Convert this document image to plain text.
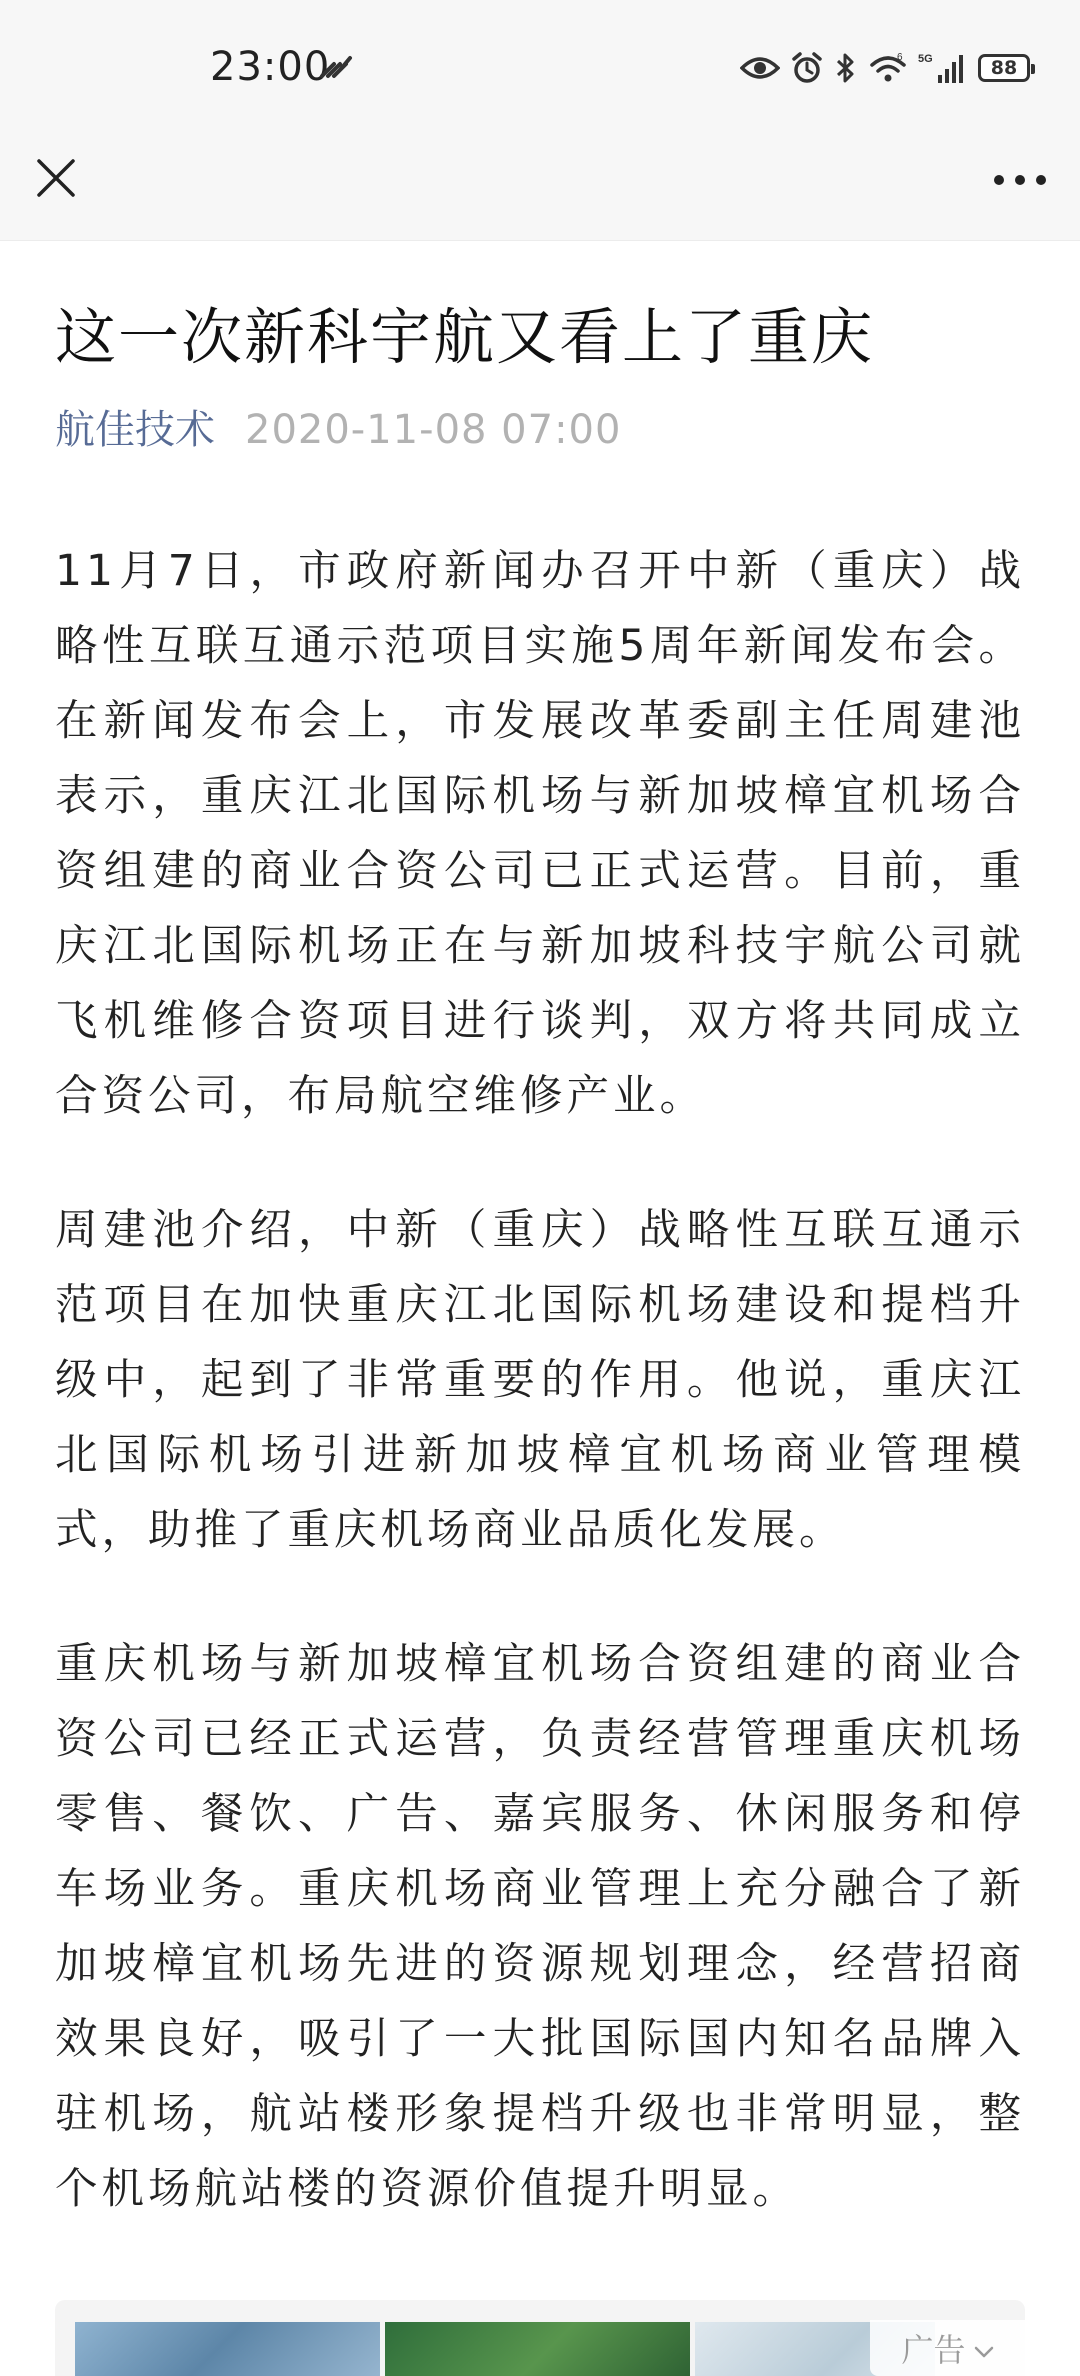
23:00	6 5G	88
这一次新科宇航又看上了重庆
航佳技术 2020-11-08 07:00

11月7日，市政府新闻办召开中新（重庆）战略性互联互通示范项目实施5周年新闻发布会。在新闻发布会上，市发展改革委副主任周建池表示，重庆江北国际机场与新加坡樟宜机场合资组建的商业合资公司已正式运营。目前，重庆江北国际机场正在与新加坡科技宇航公司就飞机维修合资项目进行谈判，双方将共同成立合资公司，布局航空维修产业。

周建池介绍，中新（重庆）战略性互联互通示范项目在加快重庆江北国际机场建设和提档升级中，起到了非常重要的作用。他说，重庆江北国际机场引进新加坡樟宜机场商业管理模式，助推了重庆机场商业品质化发展。

重庆机场与新加坡樟宜机场合资组建的商业合资公司已经正式运营，负责经营管理重庆机场零售、餐饮、广告、嘉宾服务、休闲服务和停车场业务。重庆机场商业管理上充分融合了新加坡樟宜机场先进的资源规划理念，经营招商效果良好，吸引了一大批国际国内知名品牌入驻机场，航站楼形象提档升级也非常明显，整个机场航站楼的资源价值提升明显。

广告
